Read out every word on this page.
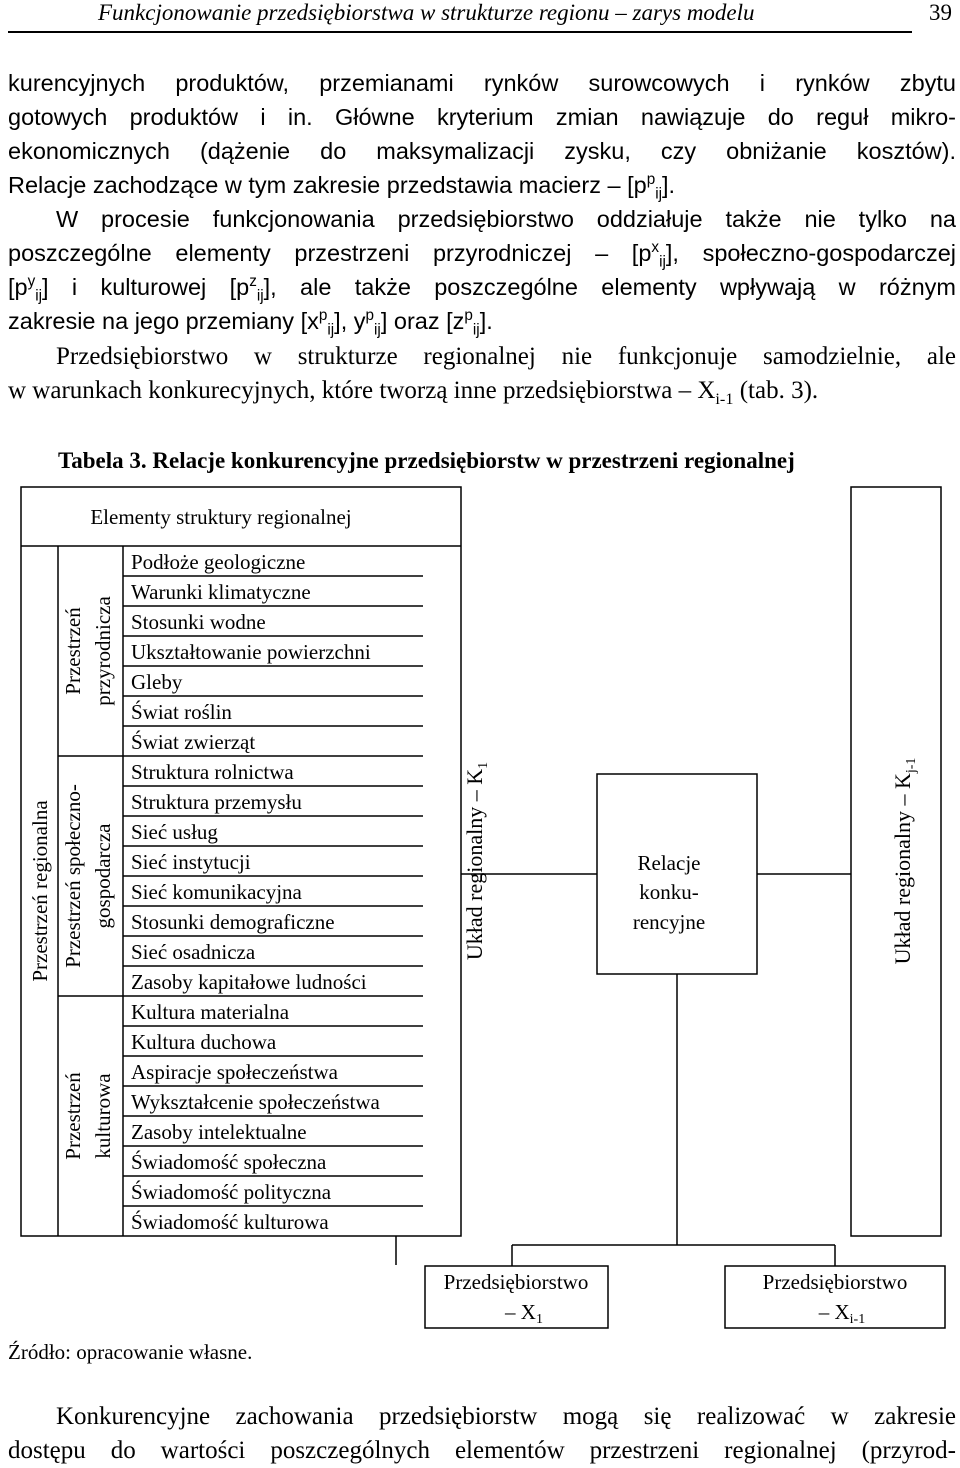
Funkcjonowanie przedsiębiorstwa w strukturze regionu – zarys modelu	39
kurencyjnych produktów, przemianami rynków surowcowych i rynków zbytu
gotowych produktów i in. Główne kryterium zmian nawiązuje do reguł mikro-
ekonomicznych (dążenie do maksymalizacji zysku, czy obniżanie kosztów).
Relacje zachodzące w tym zakresie przedstawia macierz – $[p^p_{ij}]$.
W procesie funkcjonowania przedsiębiorstwo oddziałuje także nie tylko na
poszczególne elementy przestrzeni przyrodniczej – $[p^x_{ij}]$, społeczno-gospodarczej
$[p^y_{ij}]$ i kulturowej $[p^z_{ij}]$, ale także poszczególne elementy wpływają w różnym
zakresie na jego przemiany $[x^p_{ij}]$, $y^p_{ij}$] oraz $[z^p_{ij}]$.
Przedsiębiorstwo w strukturze regionalnej nie funkcjonuje samodzielnie, ale
w warunkach konkurecyjnych, które tworzą inne przedsiębiorstwa – $X_{i-1}$ (tab. 3).
Tabela 3. Relacje konkurencyjne przedsiębiorstw w przestrzeni regionalnej
Elementy struktury regionalnej
Przestrzeń regionalna
Przestrzeń przyrodnicza
Przestrzeń społeczno- gospodarcza
Przestrzeń kulturowa
Podłoże geologiczne
Warunki klimatyczne
Stosunki wodne
Ukształtowanie powierzchni
Gleby
Świat roślin
Świat zwierząt
Struktura rolnictwa
Struktura przemysłu
Sieć usług
Sieć instytucji
Sieć komunikacyjna
Stosunki demograficzne
Sieć osadnicza
Zasoby kapitałowe ludności
Kultura materialna
Kultura duchowa
Aspiracje społeczeństwa
Wykształcenie społeczeństwa
Zasoby intelektualne
Świadomość społeczna
Świadomość polityczna
Świadomość kulturowa
Układ regionalny – $K_1$
Układ regionalny – $K_{j-1}$
Relacje
konku-
rencyjne
Przedsiębiorstwo
– X1
Przedsiębiorstwo
– Xi-1
Źródło: opracowanie własne.
Konkurencyjne zachowania przedsiębiorstw mogą się realizować w zakresie
dostępu do wartości poszczególnych elementów przestrzeni regionalnej (przyrod-
